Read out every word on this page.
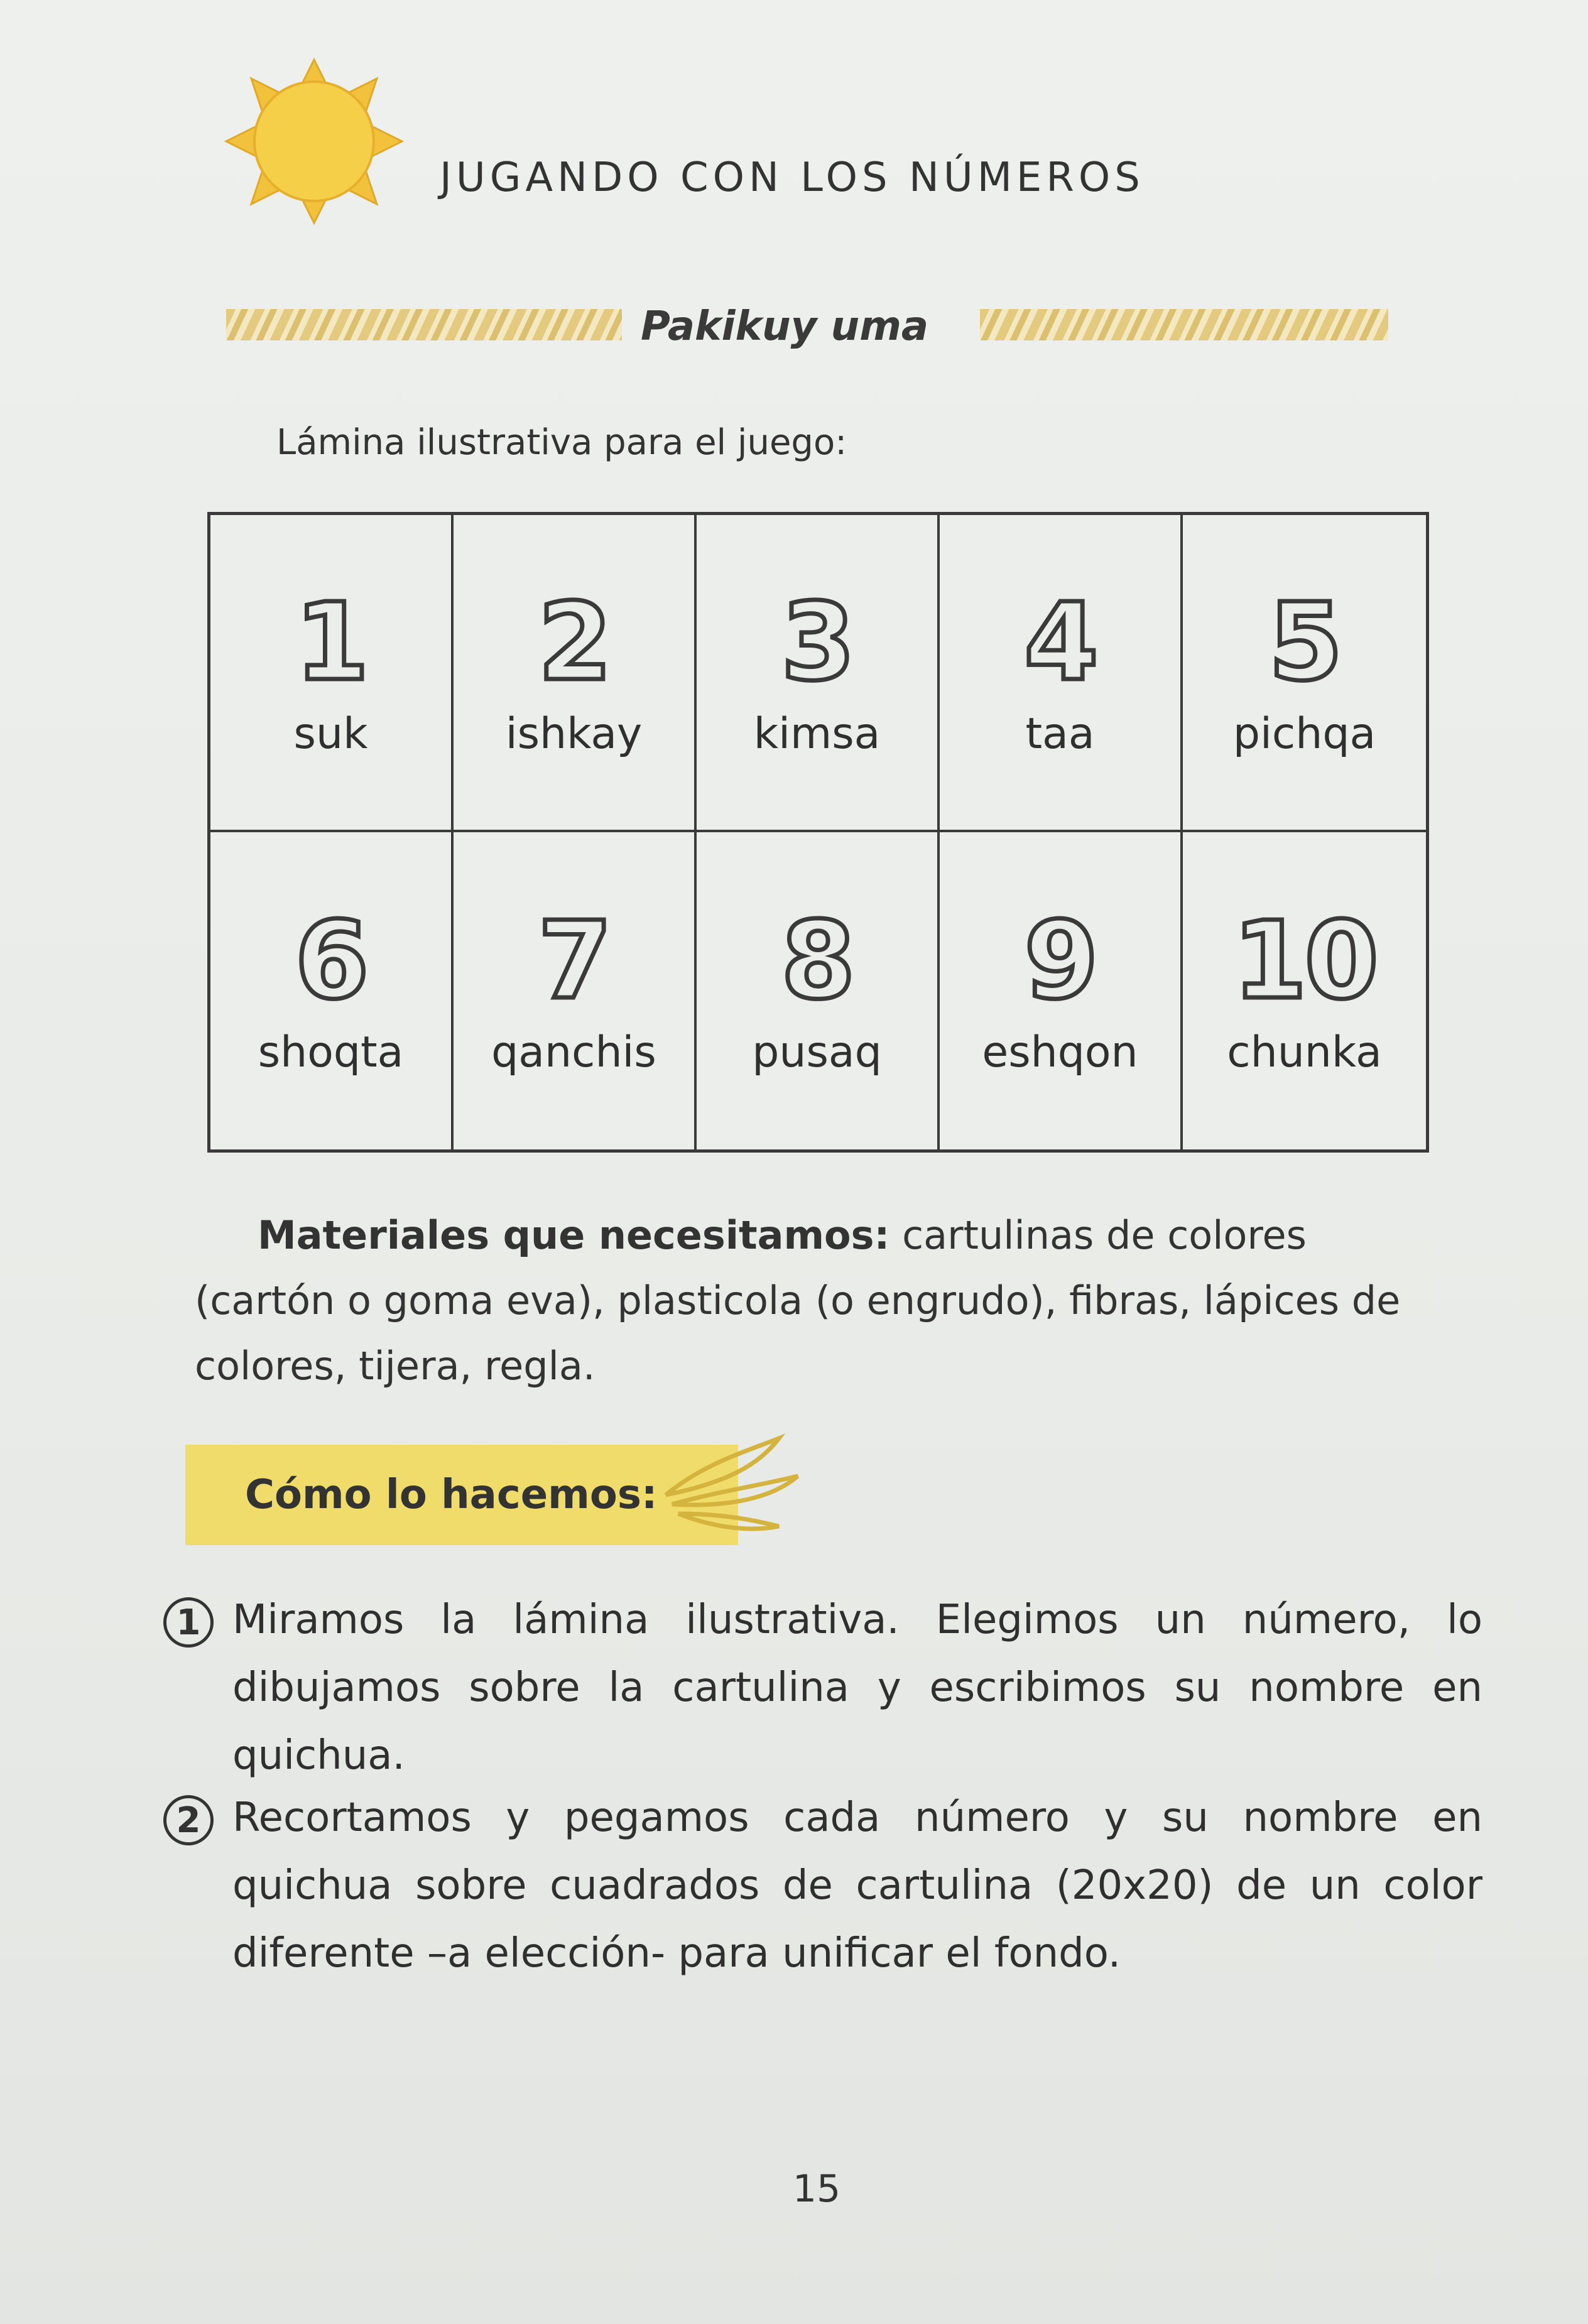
JUGANDO CON LOS NÚMEROS
Pakikuy uma
Lámina ilustrativa para el juego:
1
suk
2
ishkay
3
kimsa
4
taa
5
pichqa
6
shoqta
7
qanchis
8
pusaq
9
eshqon
10
chunka
Materiales que necesitamos: cartulinas de colores (cartón o goma eva), plasticola (o engrudo), fibras, lápices de colores, tijera, regla.
Cómo lo hacemos:
1 Miramos la lámina ilustrativa. Elegimos un número, lo dibujamos sobre la cartulina y escribimos su nombre en quichua.
2 Recortamos y pegamos cada número y su nombre en quichua sobre cuadrados de cartulina (20x20) de un color diferente –a elección- para unificar el fondo.
15
